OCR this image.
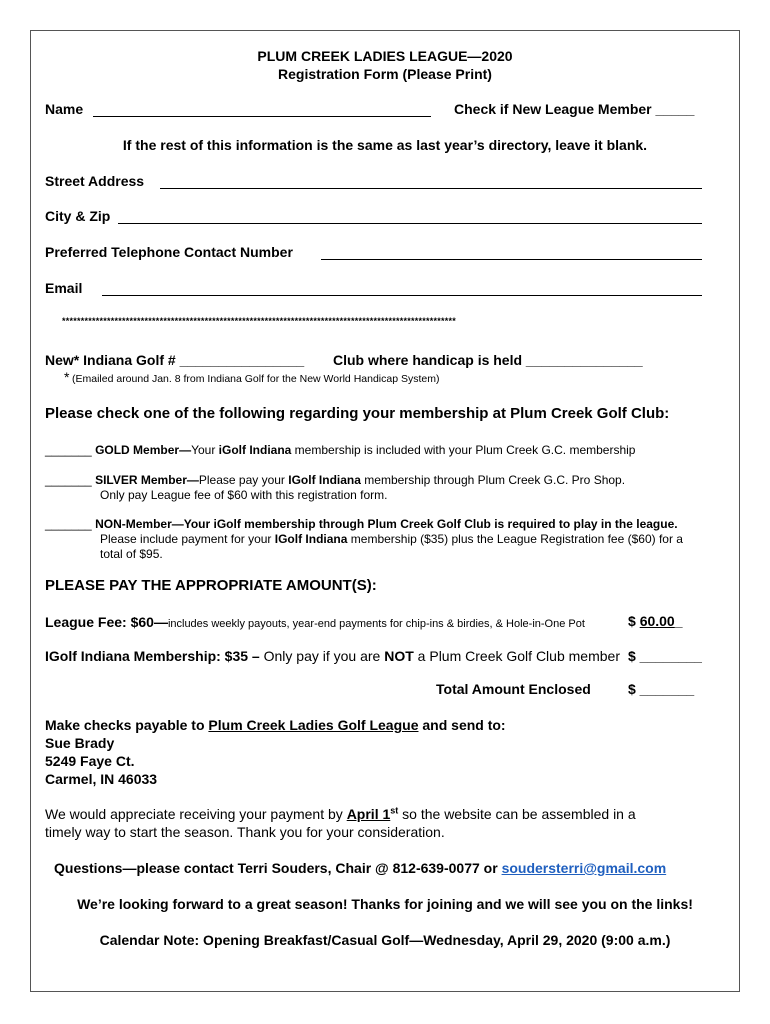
PLUM CREEK LADIES LEAGUE—2020
Registration Form (Please Print)
Name	Check if New League Member _____
If the rest of this information is the same as last year’s directory, leave it blank.
Street Address
City & Zip
Preferred Telephone Contact Number
Email
*********************************************************************************************************
New* Indiana Golf # ________________ Club where handicap is held _______________
* (Emailed around Jan. 8 from Indiana Golf for the New World Handicap System)
Please check one of the following regarding your membership at Plum Creek Golf Club:
_______ GOLD Member—Your iGolf Indiana membership is included with your Plum Creek G.C. membership
_______ SILVER Member—Please pay your IGolf Indiana membership through Plum Creek G.C. Pro Shop.
Only pay League fee of $60 with this registration form.
_______ NON-Member—Your iGolf membership through Plum Creek Golf Club is required to play in the league.
Please include payment for your IGolf Indiana membership ($35) plus the League Registration fee ($60) for a
total of $95.
PLEASE PAY THE APPROPRIATE AMOUNT(S):
League Fee: $60—includes weekly payouts, year-end payments for chip-ins & birdies, & Hole-in-One Pot	$ 60.00_
IGolf Indiana Membership: $35 – Only pay if you are NOT a Plum Creek Golf Club member $ ________
Total Amount Enclosed	$ _______
Make checks payable to Plum Creek Ladies Golf League and send to:
Sue Brady
5249 Faye Ct.
Carmel, IN 46033
We would appreciate receiving your payment by April 1st so the website can be assembled in a
timely way to start the season. Thank you for your consideration.
Questions—please contact Terri Souders, Chair @ 812-639-0077 or soudersterri@gmail.com
We’re looking forward to a great season! Thanks for joining and we will see you on the links!
Calendar Note: Opening Breakfast/Casual Golf—Wednesday, April 29, 2020 (9:00 a.m.)
